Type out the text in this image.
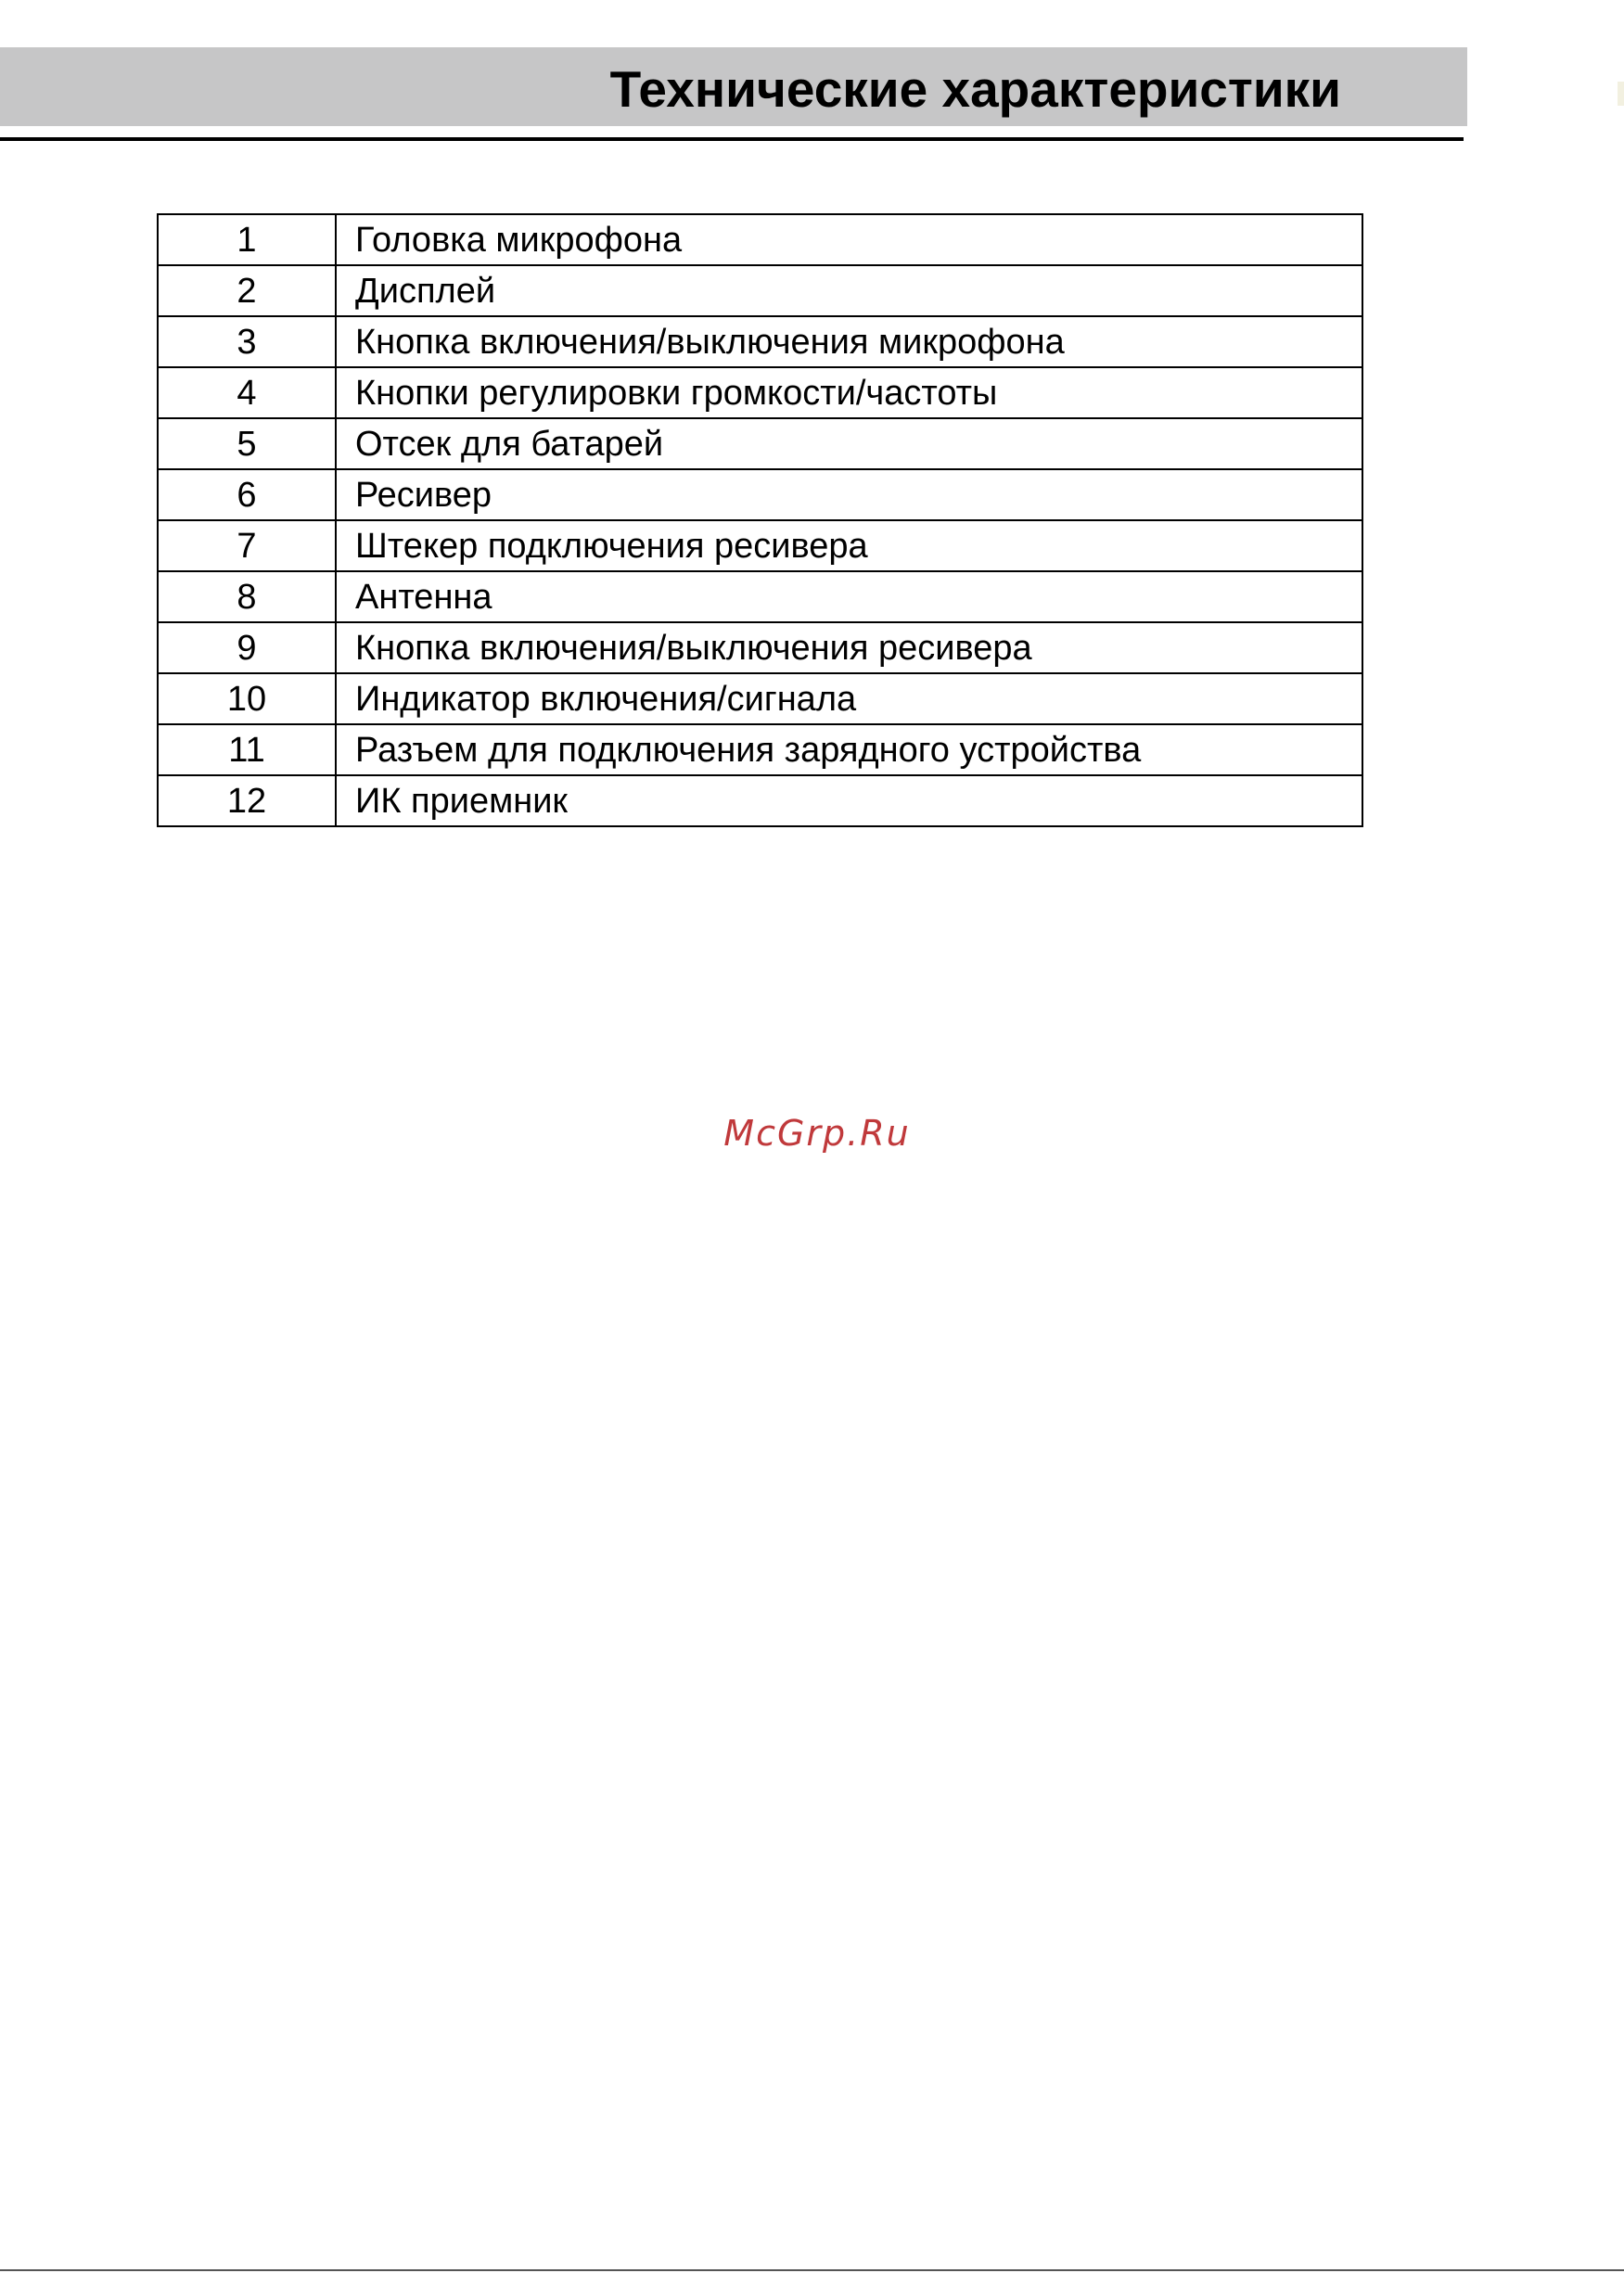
Технические характеристики
1	Головка микрофона
2	Дисплей
3	Кнопка включения/выключения микрофона
4	Кнопки регулировки громкости/частоты
5	Отсек для батарей
6	Ресивер
7	Штекер подключения ресивера
8	Антенна
9	Кнопка включения/выключения ресивера
10	Индикатор включения/сигнала
11	Разъем для подключения зарядного устройства
12	ИК приемник
McGrp.Ru
